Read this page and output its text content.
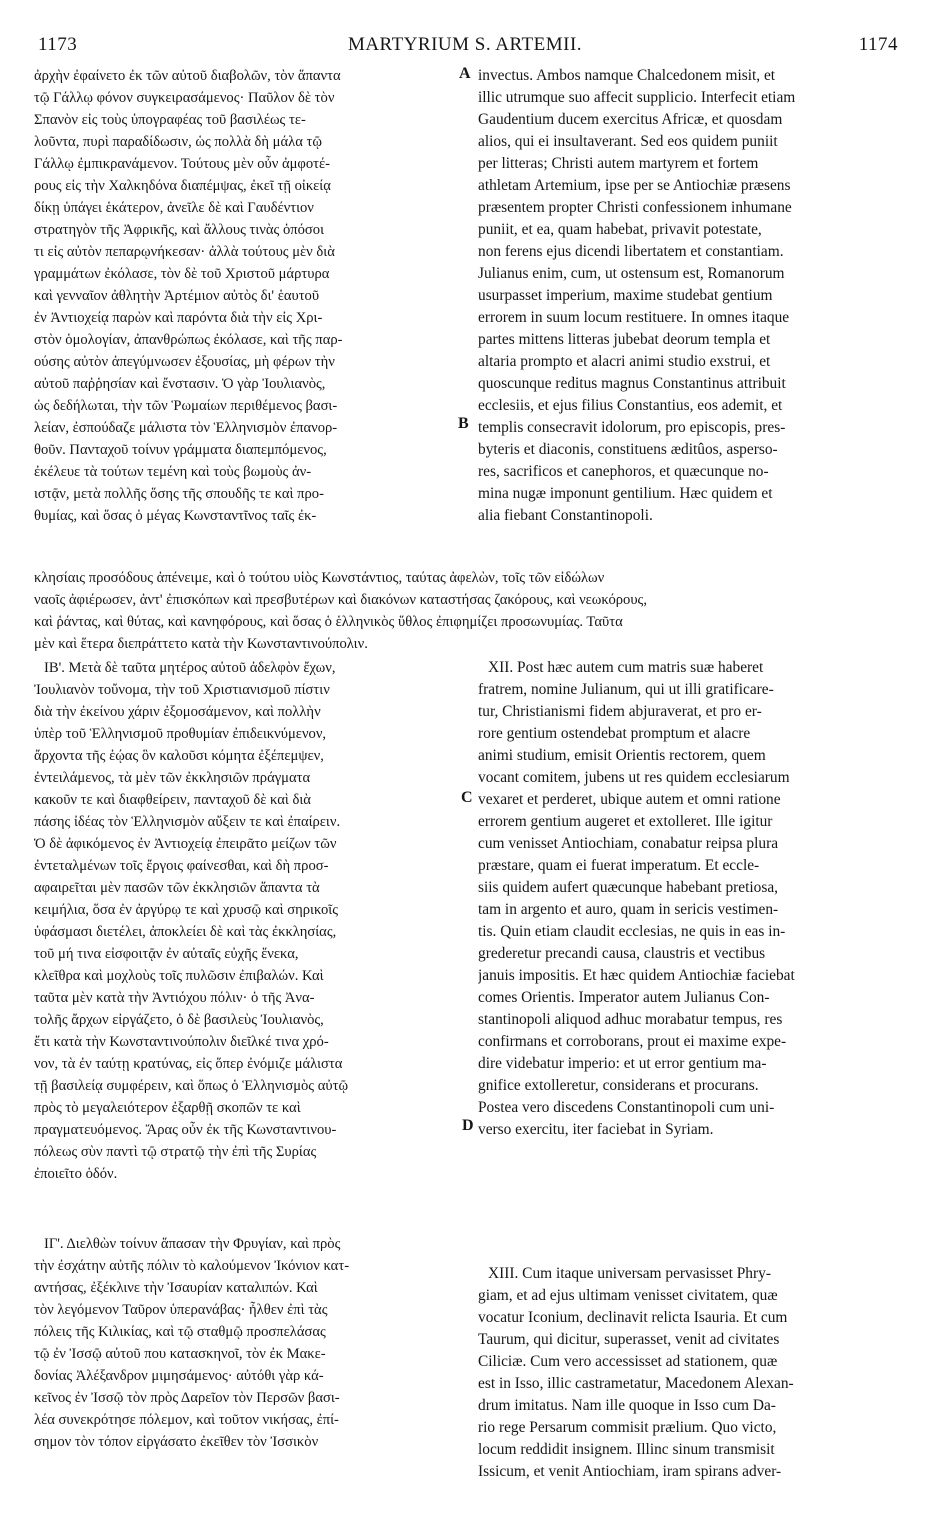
MARTYRIUM S. ARTEMII.
1173	1174
A
B
C
D
ἀρχὴν ἐφαίνετο ἐκ τῶν αὐτοῦ διαβολῶν, τὸν ἅπαντα
τῷ Γάλλῳ φόνον συγκειρασάμενος· Παῦλον δὲ τὸν
Σπανὸν εἰς τοὺς ὑπογραφέας τοῦ βασιλέως τε-
λοῦντα, πυρὶ παραδίδωσιν, ὡς πολλὰ δὴ μάλα τῷ
Γάλλῳ ἐμπικρανάμενον. Τούτους μὲν οὖν ἀμφοτέ-
ρους εἰς τὴν Χαλκηδόνα διαπέμψας, ἐκεῖ τῇ οἰκείᾳ
δίκῃ ὑπάγει ἑκάτερον, ἀνεῖλε δὲ καὶ Γαυδέντιον
στρατηγὸν τῆς Ἀφρικῆς, καὶ ἄλλους τινὰς ὁπόσοι
τι εἰς αὐτὸν πεπαρῳνήκεσαν· ἀλλὰ τούτους μὲν διὰ
γραμμάτων ἐκόλασε, τὸν δὲ τοῦ Χριστοῦ μάρτυρα
καὶ γενναῖον ἀθλητὴν Ἀρτέμιον αὐτὸς δι' ἑαυτοῦ
ἐν Ἀντιοχείᾳ παρὼν καὶ παρόντα διὰ τὴν εἰς Χρι-
στὸν ὁμολογίαν, ἀπανθρώπως ἐκόλασε, καὶ τῆς παρ-
ούσης αὐτὸν ἀπεγύμνωσεν ἐξουσίας, μὴ φέρων τὴν
αὐτοῦ παῤῥησίαν καὶ ἔνστασιν. Ὁ γὰρ Ἰουλιανὸς,
ὡς δεδήλωται, τὴν τῶν Ῥωμαίων περιθέμενος βασι-
λείαν, ἐσπούδαζε μάλιστα τὸν Ἑλληνισμὸν ἐπανορ-
θοῦν. Πανταχοῦ τοίνυν γράμματα διαπεμπόμενος,
ἐκέλευε τὰ τούτων τεμένη καὶ τοὺς βωμοὺς ἀν-
ιστᾷν, μετὰ πολλῆς ὅσης τῆς σπουδῆς τε καὶ προ-
θυμίας, καὶ ὅσας ὁ μέγας Κωνσταντῖνος ταῖς ἐκ-
invectus. Ambos namque Chalcedonem misit, et
illic utrumque suo affecit supplicio. Interfecit etiam
Gaudentium ducem exercitus Africæ, et quosdam
alios, qui ei insultaverant. Sed eos quidem puniit
per litteras; Christi autem martyrem et fortem
athletam Artemium, ipse per se Antiochiæ præsens
præsentem propter Christi confessionem inhumane
puniit, et ea, quam habebat, privavit potestate,
non ferens ejus dicendi libertatem et constantiam.
Julianus enim, cum, ut ostensum est, Romanorum
usurpasset imperium, maxime studebat gentium
errorem in suum locum restituere. In omnes itaque
partes mittens litteras jubebat deorum templa et
altaria prompto et alacri animi studio exstrui, et
quoscunque reditus magnus Constantinus attribuit
ecclesiis, et ejus filius Constantius, eos ademit, et
templis consecravit idolorum, pro episcopis, pres-
byteris et diaconis, constituens æditûos, asperso-
res, sacrificos et canephoros, et quæcunque no-
mina nugæ imponunt gentilium. Hæc quidem et
alia fiebant Constantinopoli.
κλησίαις προσόδους ἀπένειμε, καὶ ὁ τούτου υἱὸς Κωνστάντιος, ταύτας ἀφελὼν, τοῖς τῶν εἰδώλων
ναοῖς ἀφιέρωσεν, ἀντ' ἐπισκόπων καὶ πρεσβυτέρων καὶ διακόνων καταστήσας ζακόρους, καὶ νεωκόρους,
καὶ ῥάντας, καὶ θύτας, καὶ κανηφόρους, καὶ ὅσας ὁ ἑλληνικὸς ὕθλος ἐπιφημίζει προσωνυμίας. Ταῦτα
μὲν καὶ ἕτερα διεπράττετο κατὰ τὴν Κωνσταντινούπολιν.
ΙΒ'. Μετὰ δὲ ταῦτα μητέρος αὐτοῦ ἀδελφὸν ἔχων,
Ἰουλιανὸν τοὔνομα, τὴν τοῦ Χριστιανισμοῦ πίστιν
διὰ τὴν ἐκείνου χάριν ἐξομοσάμενον, καὶ πολλὴν
ὑπὲρ τοῦ Ἑλληνισμοῦ προθυμίαν ἐπιδεικνύμενον,
ἄρχοντα τῆς ἑῴας ὃν καλοῦσι κόμητα ἐξέπεμψεν,
ἐντειλάμενος, τὰ μὲν τῶν ἐκκλησιῶν πράγματα
κακοῦν τε καὶ διαφθείρειν, πανταχοῦ δὲ καὶ διὰ
πάσης ἰδέας τὸν Ἑλληνισμὸν αὔξειν τε καὶ ἐπαίρειν.
Ὁ δὲ ἀφικόμενος ἐν Ἀντιοχείᾳ ἐπειρᾶτο μείζων τῶν
ἐντεταλμένων τοῖς ἔργοις φαίνεσθαι, καὶ δὴ προσ-
αφαιρεῖται μὲν πασῶν τῶν ἐκκλησιῶν ἅπαντα τὰ
κειμήλια, ὅσα ἐν ἀργύρῳ τε καὶ χρυσῷ καὶ σηρικοῖς
ὑφάσμασι διετέλει, ἀποκλείει δὲ καὶ τὰς ἐκκλησίας,
τοῦ μή τινα εἰσφοιτᾷν ἐν αὐταῖς εὐχῆς ἕνεκα,
κλεῖθρα καὶ μοχλοὺς τοῖς πυλῶσιν ἐπιβαλών. Καὶ
ταῦτα μὲν κατὰ τὴν Ἀντιόχου πόλιν· ὁ τῆς Ἀνα-
τολῆς ἄρχων εἰργάζετο, ὁ δὲ βασιλεὺς Ἰουλιανὸς,
ἔτι κατὰ τὴν Κωνσταντινούπολιν διεῖλκέ τινα χρό-
νον, τὰ ἐν ταύτῃ κρατύνας, εἰς ὅπερ ἐνόμιζε μάλιστα
τῇ βασιλείᾳ συμφέρειν, καὶ ὅπως ὁ Ἑλληνισμὸς αὐτῷ
πρὸς τὸ μεγαλειότερον ἐξαρθῇ σκοπῶν τε καὶ
πραγματευόμενος. Ἄρας οὖν ἐκ τῆς Κωνσταντινου-
πόλεως σὺν παντὶ τῷ στρατῷ τὴν ἐπὶ τῆς Συρίας
ἐποιεῖτο ὁδόν.
XII. Post hæc autem cum matris suæ haberet
fratrem, nomine Julianum, qui ut illi gratificare-
tur, Christianismi fidem abjuraverat, et pro er-
rore gentium ostendebat promptum et alacre
animi studium, emisit Orientis rectorem, quem
vocant comitem, jubens ut res quidem ecclesiarum
vexaret et perderet, ubique autem et omni ratione
errorem gentium augeret et extolleret. Ille igitur
cum venisset Antiochiam, conabatur reipsa plura
præstare, quam ei fuerat imperatum. Et eccle-
siis quidem aufert quæcunque habebant pretiosa,
tam in argento et auro, quam in sericis vestimen-
tis. Quin etiam claudit ecclesias, ne quis in eas in-
grederetur precandi causa, claustris et vectibus
januis impositis. Et hæc quidem Antiochiæ faciebat
comes Orientis. Imperator autem Julianus Con-
stantinopoli aliquod adhuc morabatur tempus, res
confirmans et corroborans, prout ei maxime expe-
dire videbatur imperio: et ut error gentium ma-
gnifice extolleretur, considerans et procurans.
Postea vero discedens Constantinopoli cum uni-
verso exercitu, iter faciebat in Syriam.
ΙΓ'. Διελθὼν τοίνυν ἅπασαν τὴν Φρυγίαν, καὶ πρὸς
τὴν ἐσχάτην αὐτῆς πόλιν τὸ καλούμενον Ἰκόνιον κατ-
αντήσας, ἐξέκλινε τὴν Ἰσαυρίαν καταλιπών. Καὶ
τὸν λεγόμενον Ταῦρον ὑπερανάβας· ἦλθεν ἐπὶ τὰς
πόλεις τῆς Κιλικίας, καὶ τῷ σταθμῷ προσπελάσας
τῷ ἐν Ἰσσῷ αὐτοῦ που κατασκηνοῖ, τὸν ἐκ Μακε-
δονίας Ἀλέξανδρον μιμησάμενος· αὐτόθι γὰρ κά-
κεῖνος ἐν Ἰσσῷ τὸν πρὸς Δαρεῖον τὸν Περσῶν βασι-
λέα συνεκρότησε πόλεμον, καὶ τοῦτον νικήσας, ἐπί-
σημον τὸν τόπον εἰργάσατο ἐκεῖθεν τὸν Ἰσσικὸν
XIII. Cum itaque universam pervasisset Phry-
giam, et ad ejus ultimam venisset civitatem, quæ
vocatur Iconium, declinavit relicta Isauria. Et cum
Taurum, qui dicitur, superasset, venit ad civitates
Ciliciæ. Cum vero accessisset ad stationem, quæ
est in Isso, illic castrametatur, Macedonem Alexan-
drum imitatus. Nam ille quoque in Isso cum Da-
rio rege Persarum commisit prælium. Quo victo,
locum reddidit insignem. Illinc sinum transmisit
Issicum, et venit Antiochiam, iram spirans adver-
